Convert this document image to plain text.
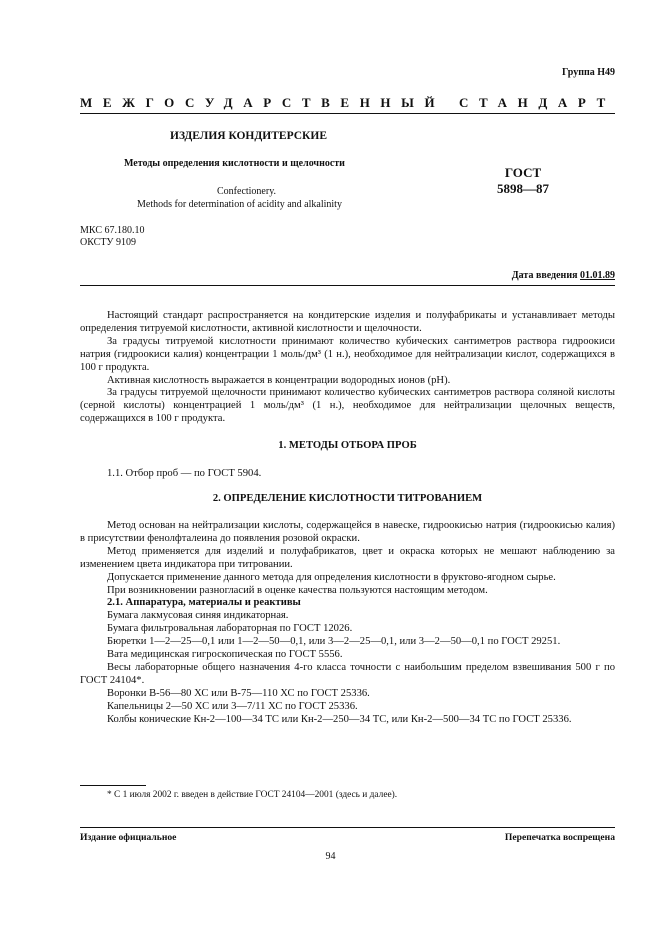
Группа Н49
МЕЖГОСУДАРСТВЕННЫЙ СТАНДАРТ
ИЗДЕЛИЯ КОНДИТЕРСКИЕ
Методы определения кислотности и щелочности
Confectionery.
Methods for determination of acidity and alkalinity
ГОСТ
5898—87
МКС 67.180.10
ОКСТУ 9109
Дата введения 01.01.89

Настоящий стандарт распространяется на кондитерские изделия и полуфабрикаты и устанавливает методы определения титруемой кислотности, активной кислотности и щелочности.

За градусы титруемой кислотности принимают количество кубических сантиметров раствора гидроокиси натрия (гидроокиси калия) концентрации 1 моль/дм³ (1 н.), необходимое для нейтрализации кислот, содержащихся в 100 г продукта.

Активная кислотность выражается в концентрации водородных ионов (pH).

За градусы титруемой щелочности принимают количество кубических сантиметров раствора соляной кислоты (серной кислоты) концентрацией 1 моль/дм³ (1 н.), необходимое для нейтрализации щелочных веществ, содержащихся в 100 г продукта.

1. МЕТОДЫ ОТБОРА ПРОБ

1.1. Отбор проб — по ГОСТ 5904.

2. ОПРЕДЕЛЕНИЕ КИСЛОТНОСТИ ТИТРОВАНИЕМ

Метод основан на нейтрализации кислоты, содержащейся в навеске, гидроокисью натрия (гидроокисью калия) в присутствии фенолфталеина до появления розовой окраски.

Метод применяется для изделий и полуфабрикатов, цвет и окраска которых не мешают наблюдению за изменением цвета индикатора при титровании.

Допускается применение данного метода для определения кислотности в фруктово-ягодном сырье.

При возникновении разногласий в оценке качества пользуются настоящим методом.

2.1. Аппаратура, материалы и реактивы

Бумага лакмусовая синяя индикаторная.

Бумага фильтровальная лабораторная по ГОСТ 12026.

Бюретки 1—2—25—0,1 или 1—2—50—0,1, или 3—2—25—0,1, или 3—2—50—0,1 по ГОСТ 29251.

Вата медицинская гигроскопическая по ГОСТ 5556.

Весы лабораторные общего назначения 4-го класса точности с наибольшим пределом взвешивания 500 г по ГОСТ 24104*.

Воронки В-56—80 ХС или В-75—110 ХС по ГОСТ 25336.

Капельницы 2—50 ХС или 3—7/11 ХС по ГОСТ 25336.

Колбы конические Кн-2—100—34 ТС или Кн-2—250—34 ТС, или Кн-2—500—34 ТС по ГОСТ 25336.

* С 1 июля 2002 г. введен в действие ГОСТ 24104—2001 (здесь и далее).
Издание официальное	Перепечатка воспрещена
94
